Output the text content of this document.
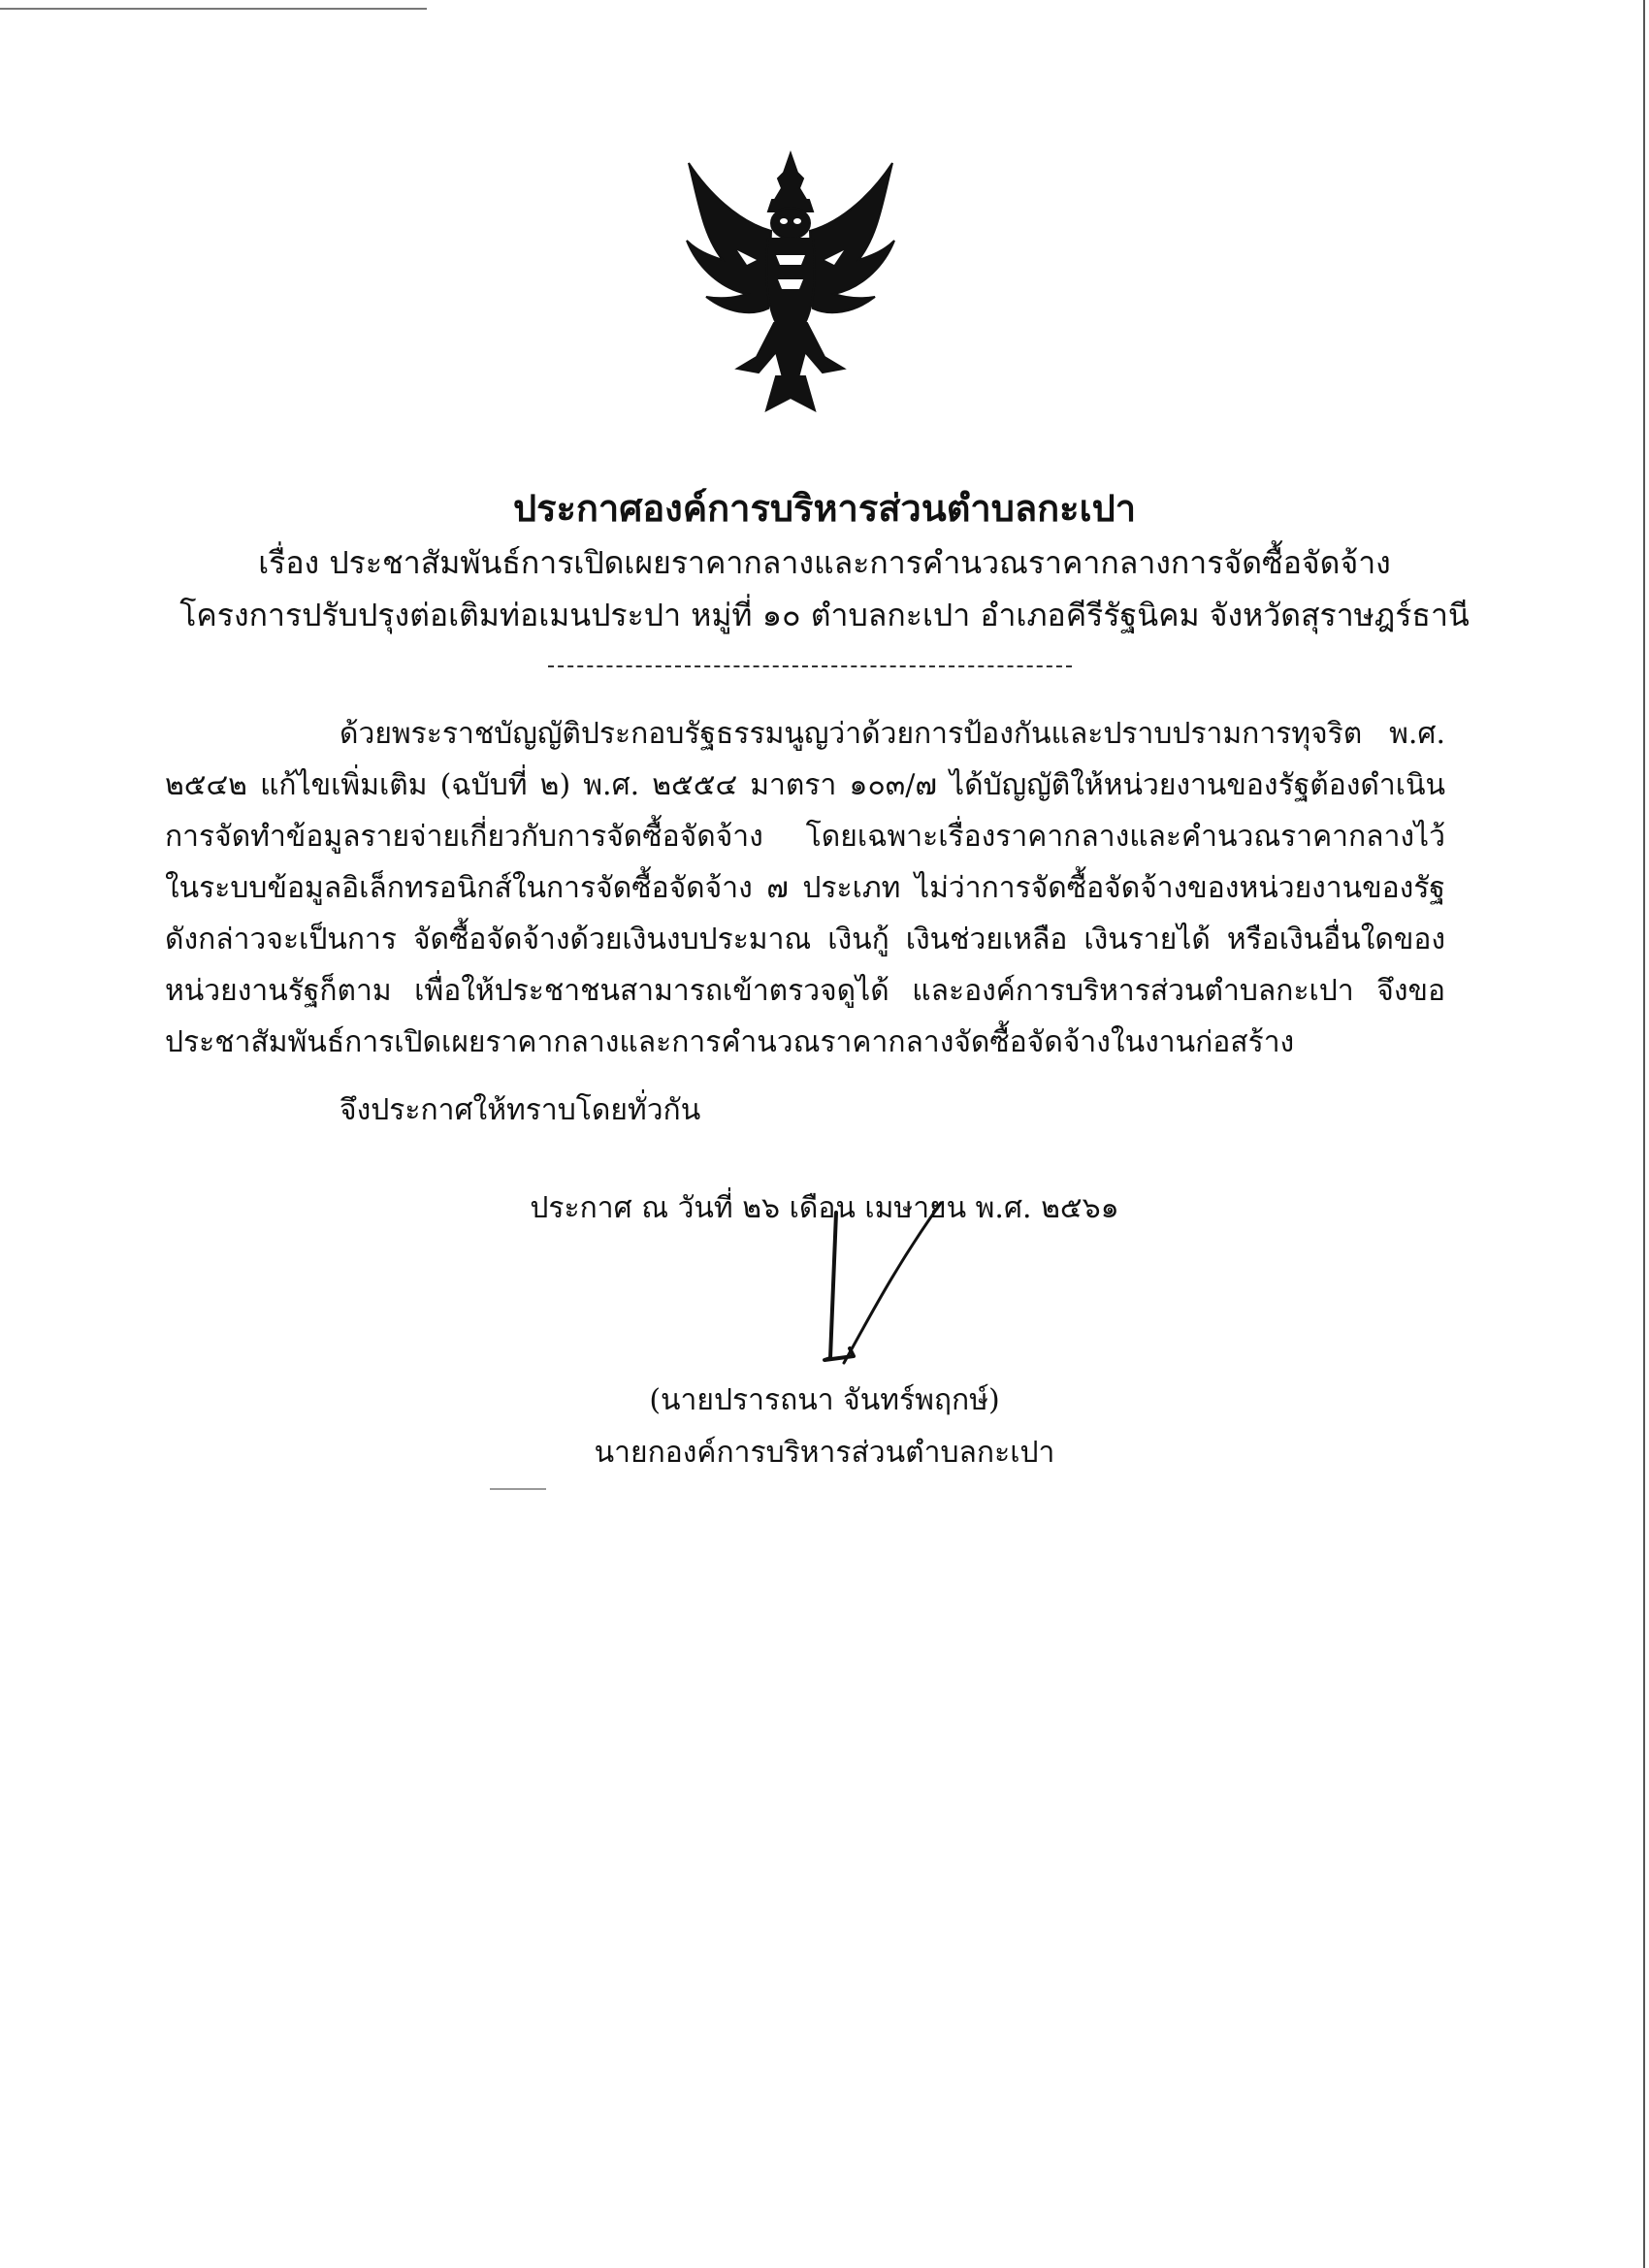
ประกาศองค์การบริหารส่วนตำบลกะเปา
เรื่อง ประชาสัมพันธ์การเปิดเผยราคากลางและการคำนวณราคากลางการจัดซื้อจัดจ้าง
โครงการปรับปรุงต่อเติมท่อเมนประปา หมู่ที่ ๑๐ ตำบลกะเปา อำเภอคีรีรัฐนิคม จังหวัดสุราษฎร์ธานี

ด้วยพระราชบัญญัติประกอบรัฐธรรมนูญว่าด้วยการป้องกันและปราบปรามการทุจริต พ.ศ. ๒๕๔๒ แก้ไขเพิ่มเติม (ฉบับที่ ๒) พ.ศ. ๒๕๕๔ มาตรา ๑๐๓/๗ ได้บัญญัติให้หน่วยงานของรัฐต้องดำเนินการจัดทำข้อมูลรายจ่ายเกี่ยวกับการจัดซื้อจัดจ้าง โดยเฉพาะเรื่องราคากลางและคำนวณราคากลางไว้ในระบบข้อมูลอิเล็กทรอนิกส์ในการจัดซื้อจัดจ้าง ๗ ประเภท ไม่ว่าการจัดซื้อจัดจ้างของหน่วยงานของรัฐดังกล่าวจะเป็นการ จัดซื้อจัดจ้างด้วยเงินงบประมาณ เงินกู้ เงินช่วยเหลือ เงินรายได้ หรือเงินอื่นใดของหน่วยงานรัฐก็ตาม เพื่อให้ประชาชนสามารถเข้าตรวจดูได้ และองค์การบริหารส่วนตำบลกะเปา จึงขอประชาสัมพันธ์การเปิดเผยราคากลางและการคำนวณราคากลางจัดซื้อจัดจ้างในงานก่อสร้าง

จึงประกาศให้ทราบโดยทั่วกัน
ประกาศ ณ วันที่ ๒๖ เดือน เมษายน พ.ศ. ๒๕๖๑
(นายปรารถนา จันทร์พฤกษ์)
นายกองค์การบริหารส่วนตำบลกะเปา
